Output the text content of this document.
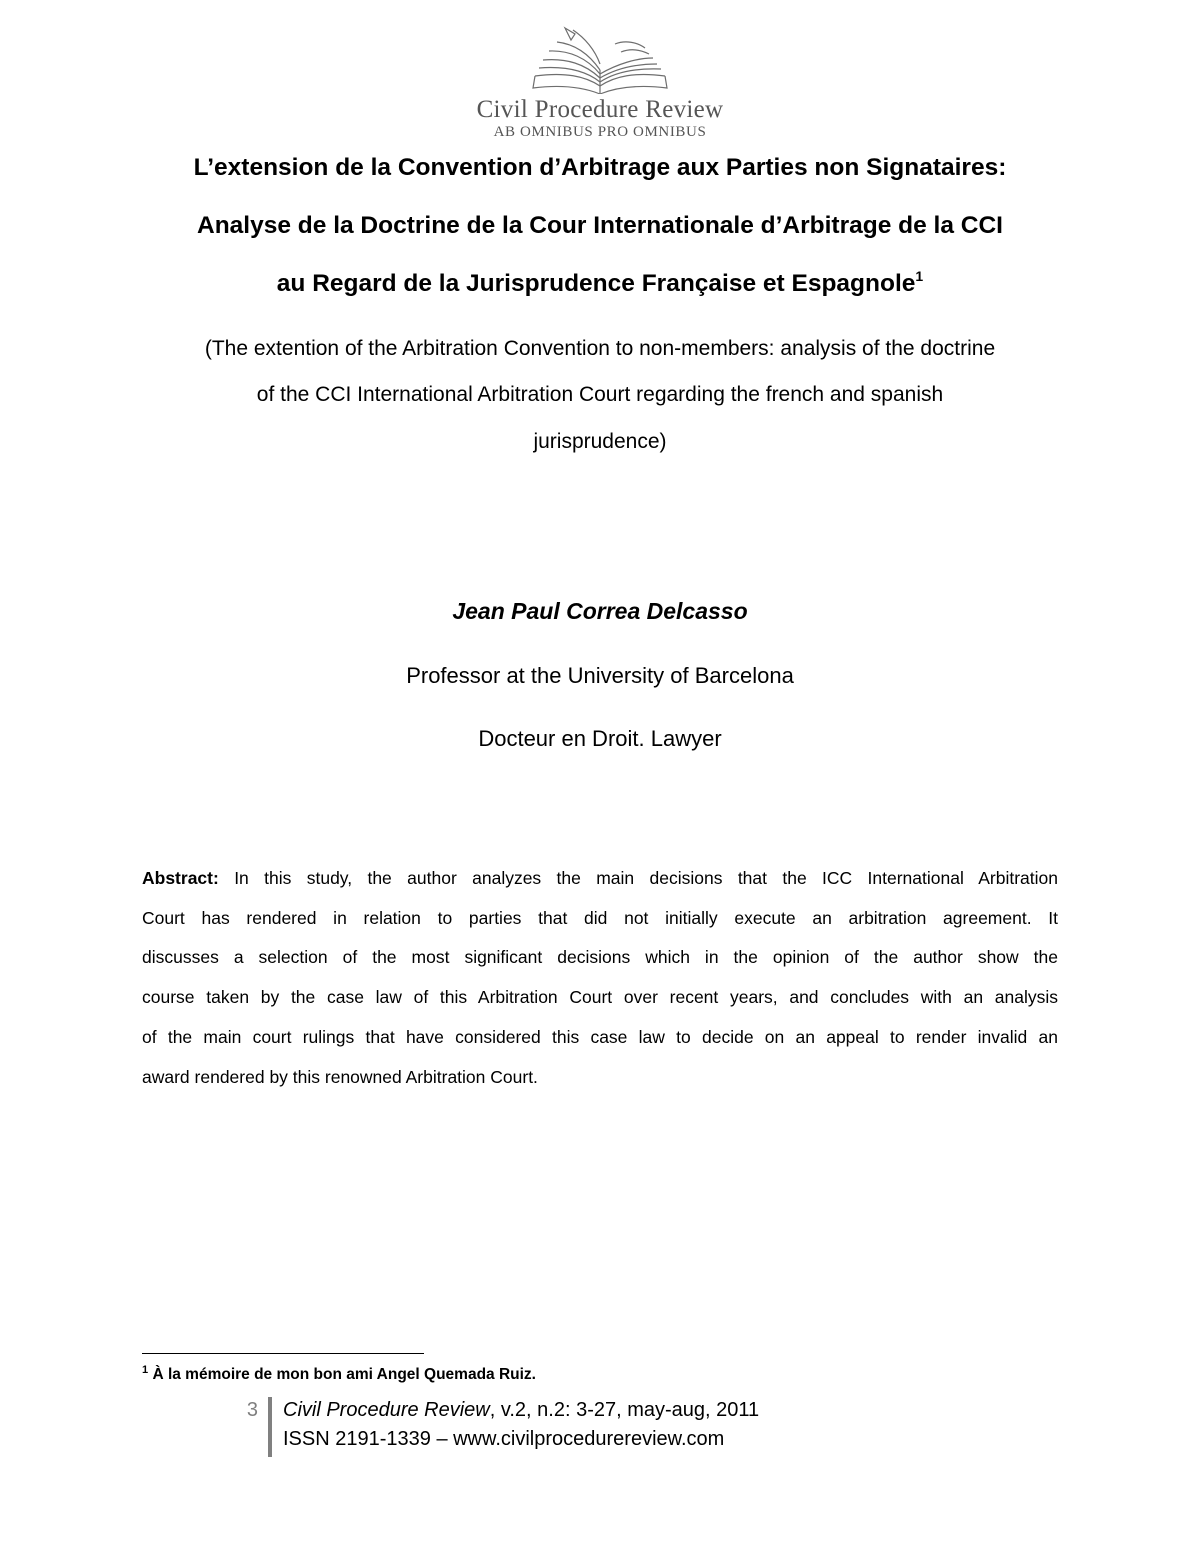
Civil Procedure Review
AB OMNIBUS PRO OMNIBUS
L’extension de la Convention d’Arbitrage aux Parties non Signataires:
Analyse de la Doctrine de la Cour Internationale d’Arbitrage de la CCI
au Regard de la Jurisprudence Française et Espagnole$^1$
(The extention of the Arbitration Convention to non-members: analysis of the doctrine
of the CCI International Arbitration Court regarding the french and spanish
jurisprudence)
Jean Paul Correa Delcasso
Professor at the University of Barcelona
Docteur en Droit. Lawyer
Abstract: In this study, the author analyzes the main decisions that the ICC International Arbitration
Court has rendered in relation to parties that did not initially execute an arbitration agreement. It
discusses a selection of the most significant decisions which in the opinion of the author show the
course taken by the case law of this Arbitration Court over recent years, and concludes with an analysis
of the main court rulings that have considered this case law to decide on an appeal to render invalid an
award rendered by this renowned Arbitration Court.
$^1$ À la mémoire de mon bon ami Angel Quemada Ruiz.
3 Civil Procedure Review, v.2, n.2: 3-27, may-aug, 2011
ISSN 2191-1339 – www.civilprocedurereview.com
